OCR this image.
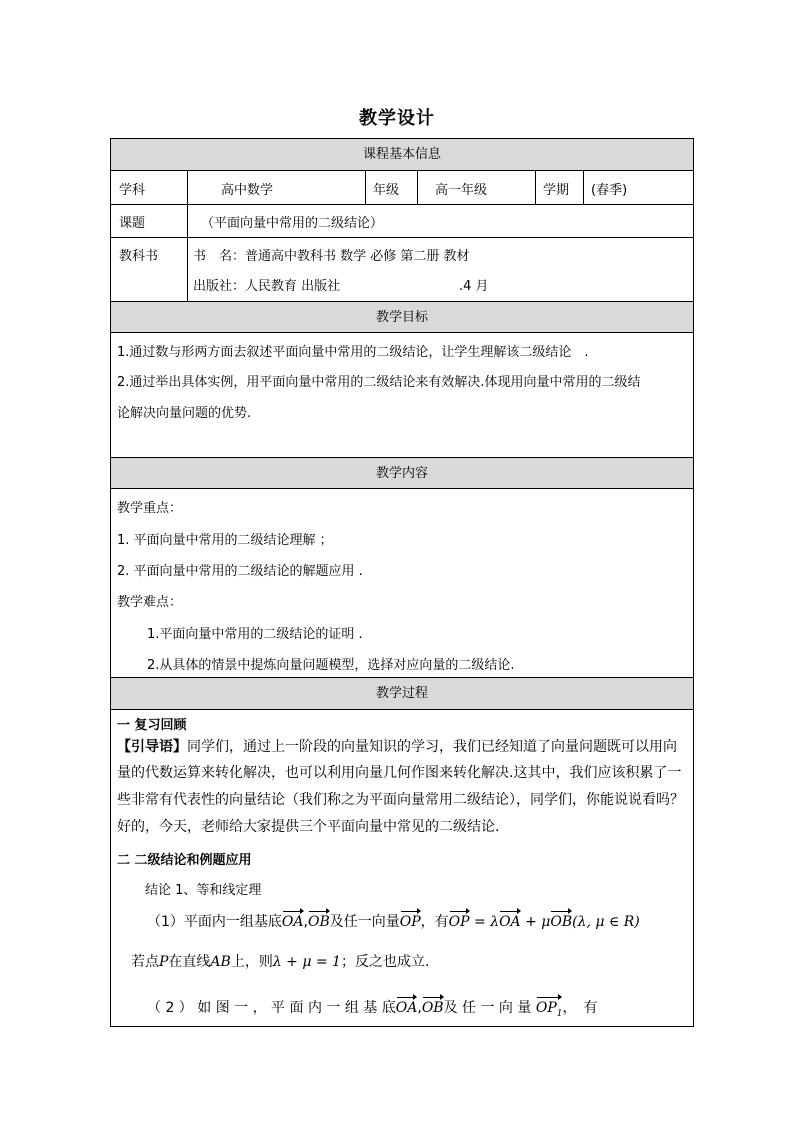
教学设计
课程基本信息
学科	高中数学	年级	高一年级	学期 (春季)
课题	（平面向量中常用的二级结论）
教科书	书　名：普通高中教科书 数学 必修 第二册 教材
出版社：人民教育 出版社	.4 月
教学目标
1.通过数与形两方面去叙述平面向量中常用的二级结论，让学生理解该二级结论　.
2.通过举出具体实例，用平面向量中常用的二级结论来有效解决.体现用向量中常用的二级结
论解决向量问题的优势.
教学内容
教学重点：
1. 平面向量中常用的二级结论理解 ；
2. 平面向量中常用的二级结论的解题应用 .
教学难点：
1.平面向量中常用的二级结论的证明 .
2.从具体的情景中提炼向量问题模型，选择对应向量的二级结论.
教学过程
一 复习回顾
【引导语】同学们，通过上一阶段的向量知识的学习，我们已经知道了向量问题既可以用向
量的代数运算来转化解决，也可以利用向量几何作图来转化解决.这其中，我们应该积累了一
些非常有代表性的向量结论（我们称之为平面向量常用二级结论），同学们，你能说说看吗？
好的，今天，老师给大家提供三个平面向量中常见的二级结论.
二 二级结论和例题应用
结论 1、等和线定理
（1）平面内一组基底OA,OB及任一向量OP，有OP = λOA + μOB(λ, μ ∈ R)
若点P在直线AB上，则λ + μ = 1；反之也成立.
（ 2 ） 如 图 一 ， 平 面 内 一 组 基 底OA,OB及 任 一 向 量 $OP_1$，　有
